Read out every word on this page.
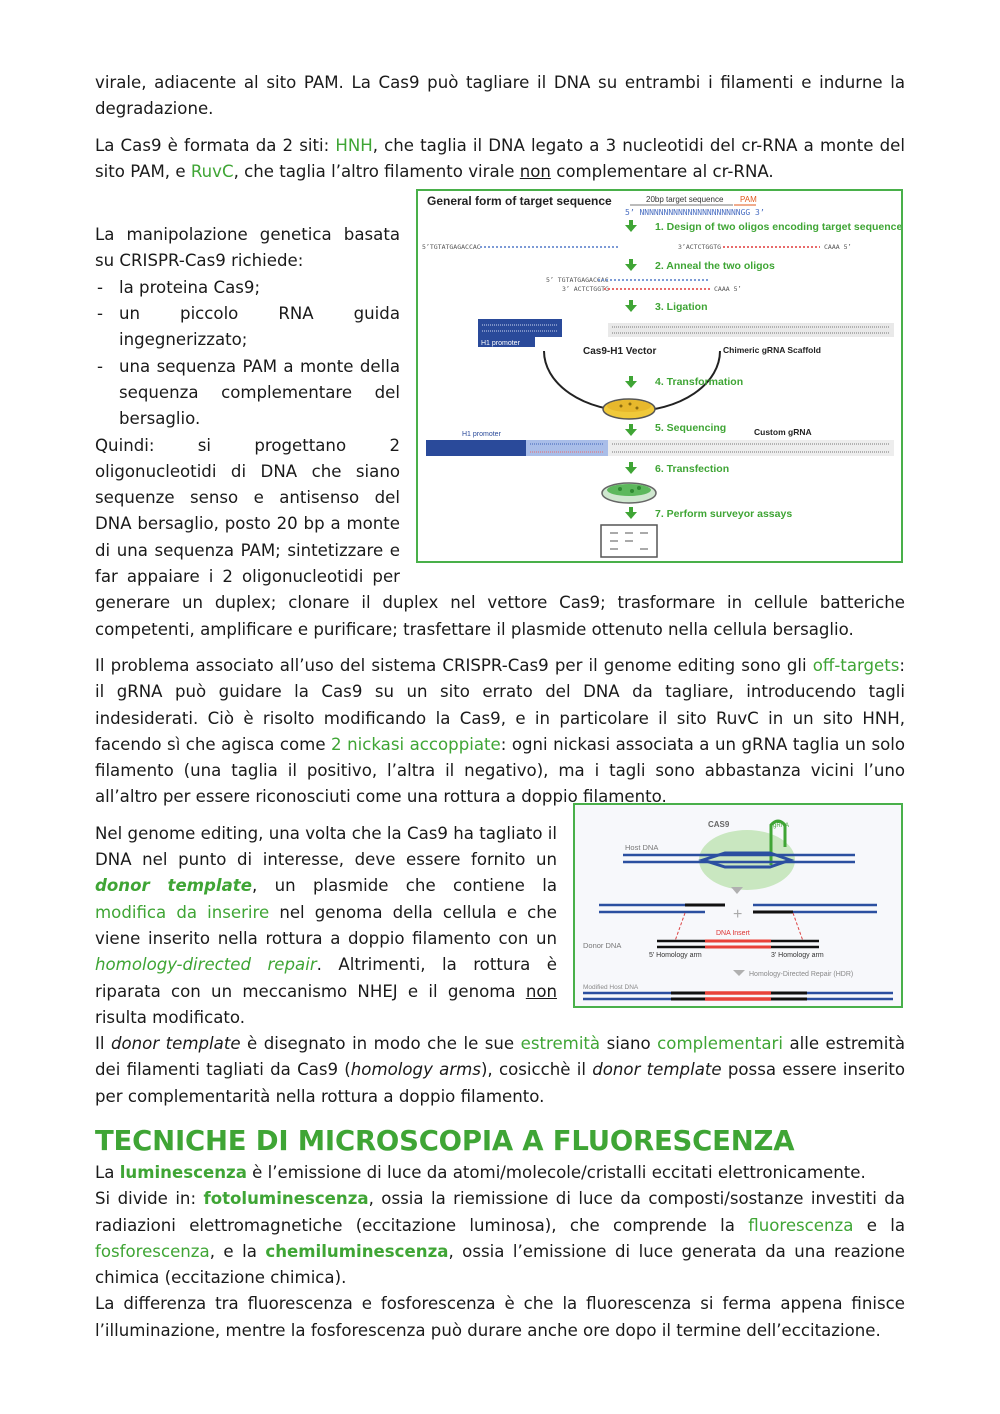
virale, adiacente al sito PAM. La Cas9 può tagliare il DNA su entrambi i filamenti e indurne la degradazione.

La Cas9 è formata da 2 siti: HNH, che taglia il DNA legato a 3 nucleotidi del cr-RNA a monte del sito PAM, e RuvC, che taglia l’altro filamento virale non complementare al cr-RNA.

General form of target sequence	20bp target sequence PAM
5’ NNNNNNNNNNNNNNNNNNNNNGG 3’
1. Design of two oligos encoding target sequence
5’TGTATGAGACCAC	3’ACTCTGGTG	CAAA 5’
2. Anneal the two oligos
5’ TGTATGAGACCAC
3’ ACTCTGGTG	CAAA 5’
3. Ligation
H1 promoter
Cas9-H1 Vector	Chimeric gRNA Scaffold
4. Transformation
5. Sequencing	Custom gRNA
H1 promoter
6. Transfection
7. Perform surveyor assays

La manipolazione genetica basata su CRISPR-Cas9 richiede:

- la proteina Cas9;
- un piccolo RNA guida ingegnerizzato;
- una sequenza PAM a monte della sequenza complementare del bersaglio.

Quindi: si progettano 2 oligonucleotidi di DNA che siano sequenze senso e antisenso del DNA bersaglio, posto 20 bp a monte di una sequenza PAM; sintetizzare e far appaiare i 2 oligonucleotidi per generare un duplex; clonare il duplex nel vettore Cas9; trasformare in cellule batteriche competenti, amplificare e purificare; trasfettare il plasmide ottenuto nella cellula bersaglio.

Il problema associato all’uso del sistema CRISPR-Cas9 per il genome editing sono gli off-targets: il gRNA può guidare la Cas9 su un sito errato del DNA da tagliare, introducendo tagli indesiderati. Ciò è risolto modificando la Cas9, e in particolare il sito RuvC in un sito HNH, facendo sì che agisca come 2 nickasi accoppiate: ogni nickasi associata a un gRNA taglia un solo filamento (una taglia il positivo, l’altra il negativo), ma i tagli sono abbastanza vicini l’uno all’altro per essere riconosciuti come una rottura a doppio filamento.

CAS9	gRNA
Host DNA
+
DNA Insert
Donor DNA
5’ Homology arm	3’ Homology arm
Homology-Directed Repair (HDR)
Modified Host DNA

Nel genome editing, una volta che la Cas9 ha tagliato il DNA nel punto di interesse, deve essere fornito un donor template, un plasmide che contiene la modifica da inserire nel genoma della cellula e che viene inserito nella rottura a doppio filamento con un homology-directed repair. Altrimenti, la rottura è riparata con un meccanismo NHEJ e il genoma non risulta modificato.

Il donor template è disegnato in modo che le sue estremità siano complementari alle estremità dei filamenti tagliati da Cas9 (homology arms), cosicchè il donor template possa essere inserito per complementarità nella rottura a doppio filamento.

TECNICHE DI MICROSCOPIA A FLUORESCENZA

La luminescenza è l’emissione di luce da atomi/molecole/cristalli eccitati elettronicamente.

Si divide in: fotoluminescenza, ossia la riemissione di luce da composti/sostanze investiti da radiazioni elettromagnetiche (eccitazione luminosa), che comprende la fluorescenza e la fosforescenza, e la chemiluminescenza, ossia l’emissione di luce generata da una reazione chimica (eccitazione chimica).

La differenza tra fluorescenza e fosforescenza è che la fluorescenza si ferma appena finisce l’illuminazione, mentre la fosforescenza può durare anche ore dopo il termine dell’eccitazione.
